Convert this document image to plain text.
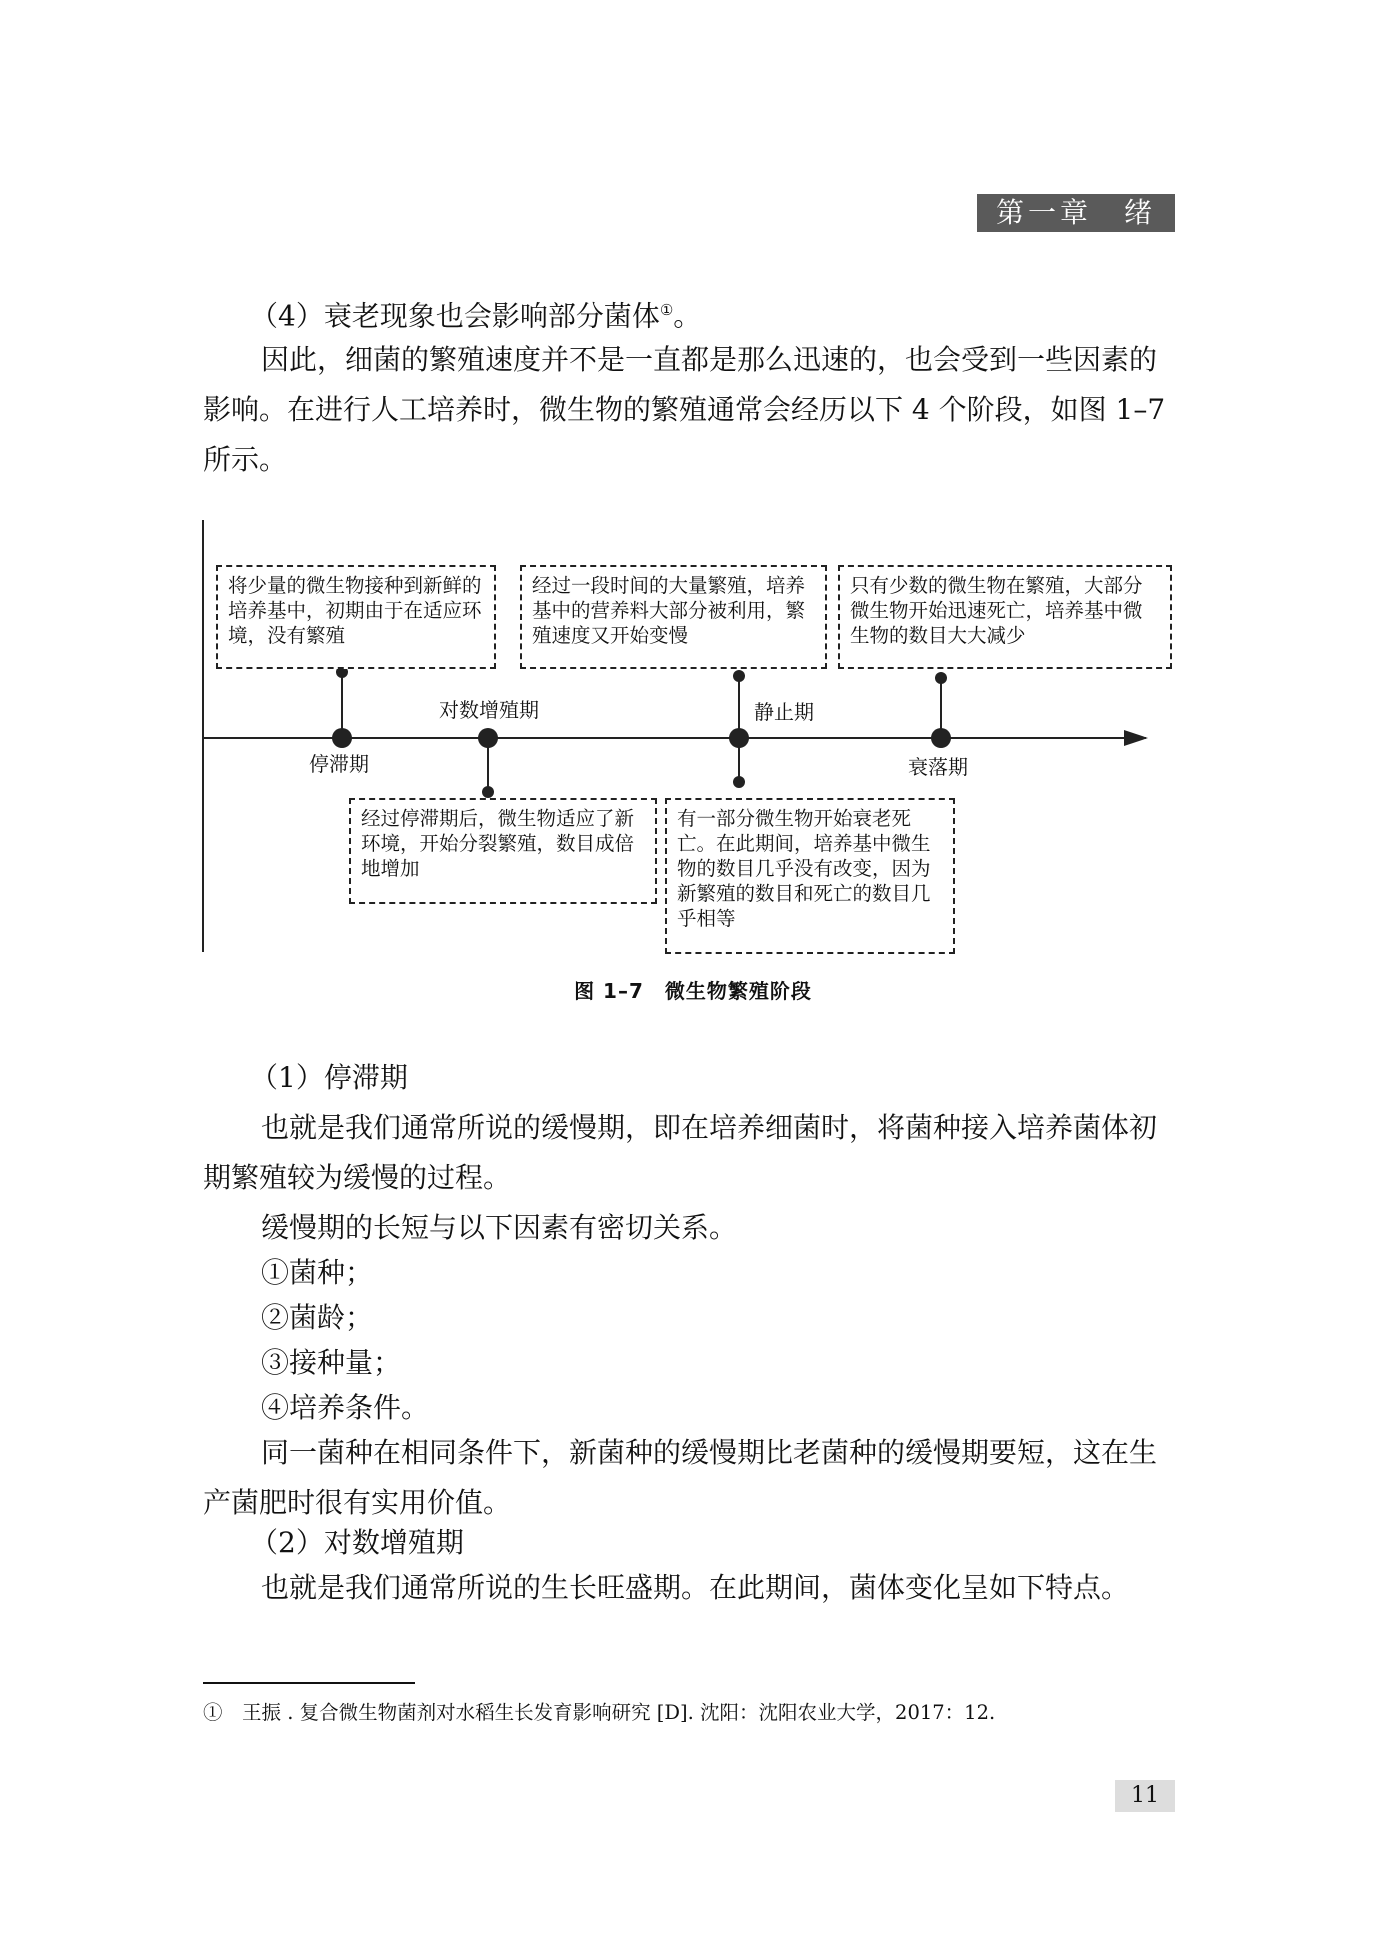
第一章　绪　论

（4）衰老现象也会影响部分菌体①。

因此，细菌的繁殖速度并不是一直都是那么迅速的，也会受到一些因素的影响。在进行人工培养时，微生物的繁殖通常会经历以下 4 个阶段，如图 1–7 所示。

将少量的微生物接种到新鲜的培养基中，初期由于在适应环境，没有繁殖
经过一段时间的大量繁殖，培养基中的营养料大部分被利用，繁殖速度又开始变慢
只有少数的微生物在繁殖，大部分微生物开始迅速死亡，培养基中微生物的数目大大减少
经过停滞期后，微生物适应了新环境，开始分裂繁殖，数目成倍地增加
有一部分微生物开始衰老死亡。在此期间，培养基中微生物的数目几乎没有改变，因为新繁殖的数目和死亡的数目几乎相等
停滞期
对数增殖期	静止期
衰落期
图 1–7　微生物繁殖阶段

（1）停滞期

也就是我们通常所说的缓慢期，即在培养细菌时，将菌种接入培养菌体初期繁殖较为缓慢的过程。

缓慢期的长短与以下因素有密切关系。

①菌种；

②菌龄；

③接种量；

④培养条件。

同一菌种在相同条件下，新菌种的缓慢期比老菌种的缓慢期要短，这在生产菌肥时很有实用价值。

（2）对数增殖期

也就是我们通常所说的生长旺盛期。在此期间，菌体变化呈如下特点。

①　王振 . 复合微生物菌剂对水稻生长发育影响研究 [D]. 沈阳：沈阳农业大学，2017：12.
11
